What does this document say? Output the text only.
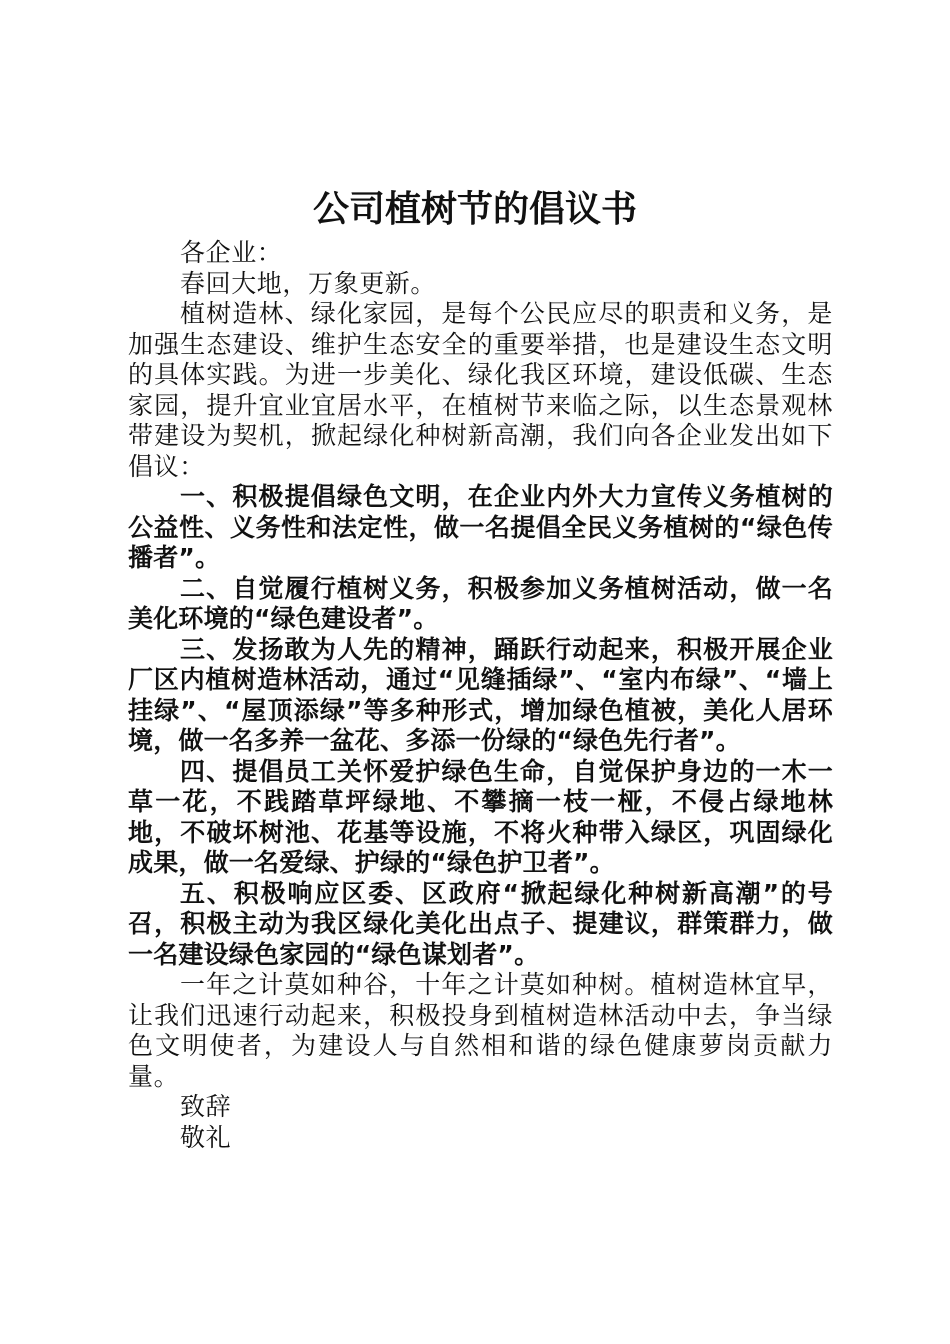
公司植树节的倡议书

各企业：

春回大地，万象更新。

植树造林、绿化家园，是每个公民应尽的职责和义务，是加强生态建设、维护生态安全的重要举措，也是建设生态文明的具体实践。为进一步美化、绿化我区环境，建设低碳、生态家园，提升宜业宜居水平，在植树节来临之际，以生态景观林带建设为契机，掀起绿化种树新高潮，我们向各企业发出如下倡议：

一、积极提倡绿色文明，在企业内外大力宣传义务植树的公益性、义务性和法定性，做一名提倡全民义务植树的“绿色传播者”。

二、自觉履行植树义务，积极参加义务植树活动，做一名美化环境的“绿色建设者”。

三、发扬敢为人先的精神，踊跃行动起来，积极开展企业厂区内植树造林活动，通过“见缝插绿”、“室内布绿”、“墙上挂绿”、“屋顶添绿”等多种形式，增加绿色植被，美化人居环境，做一名多养一盆花、多添一份绿的“绿色先行者”。

四、提倡员工关怀爱护绿色生命，自觉保护身边的一木一草一花，不践踏草坪绿地、不攀摘一枝一桠，不侵占绿地林地，不破坏树池、花基等设施，不将火种带入绿区，巩固绿化成果，做一名爱绿、护绿的“绿色护卫者”。

五、积极响应区委、区政府“掀起绿化种树新高潮”的号召，积极主动为我区绿化美化出点子、提建议，群策群力，做一名建设绿色家园的“绿色谋划者”。

一年之计莫如种谷，十年之计莫如种树。植树造林宜早，让我们迅速行动起来，积极投身到植树造林活动中去，争当绿色文明使者，为建设人与自然相和谐的绿色健康萝岗贡献力量。

致辞

敬礼
